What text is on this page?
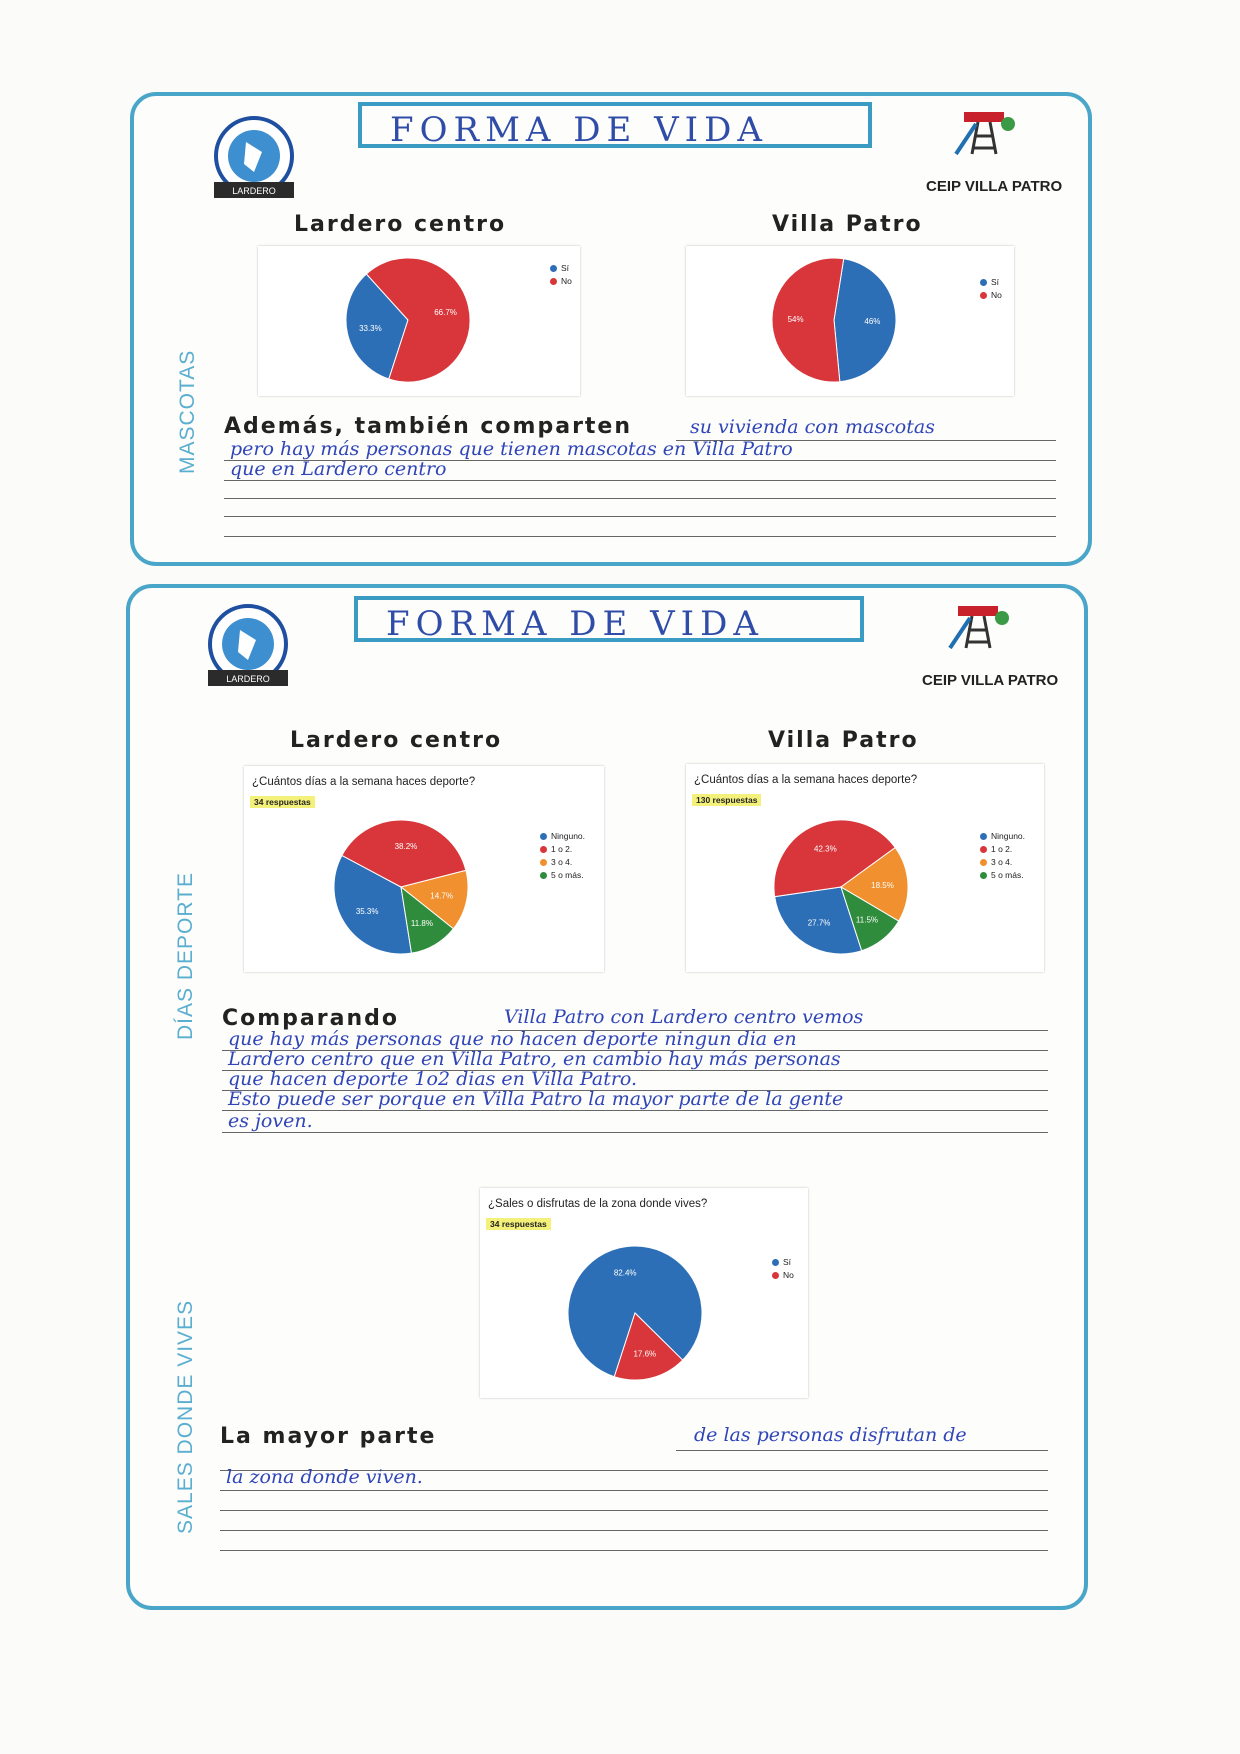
LARDERO
FORMA DE VIDA
CEIP VILLA PATRO
MASCOTAS
Lardero centro	Villa Patro
33.3%
66.7%
Sí
No
46%
54%
Sí
No
Además, también comparten	su vivienda con mascotas
pero hay más personas que tienen mascotas en Villa Patro
que en Lardero centro
LARDERO
FORMA DE VIDA
CEIP VILLA PATRO
DÍAS DEPORTE
Lardero centro	Villa Patro
¿Cuántos días a la semana haces deporte?
34 respuestas
35.3%
38.2%
14.7%
11.8%
Ninguno.
1 o 2.
3 o 4.
5 o más.
¿Cuántos días a la semana haces deporte?
130 respuestas
27.7%
42.3%
18.5%
11.5%
Ninguno.
1 o 2.
3 o 4.
5 o más.
Comparando	Villa Patro con Lardero centro vemos
que hay más personas que no hacen deporte ningun dia en
Lardero centro que en Villa Patro, en cambio hay más personas
que hacen deporte 1o2 dias en Villa Patro.
Esto puede ser porque en Villa Patro la mayor parte de la gente
es joven.
¿Sales o disfrutas de la zona donde vives?
34 respuestas
82.4%
17.6%
Sí
No
SALES DONDE VIVES La mayor parte	de las personas disfrutan de
la zona donde viven.
